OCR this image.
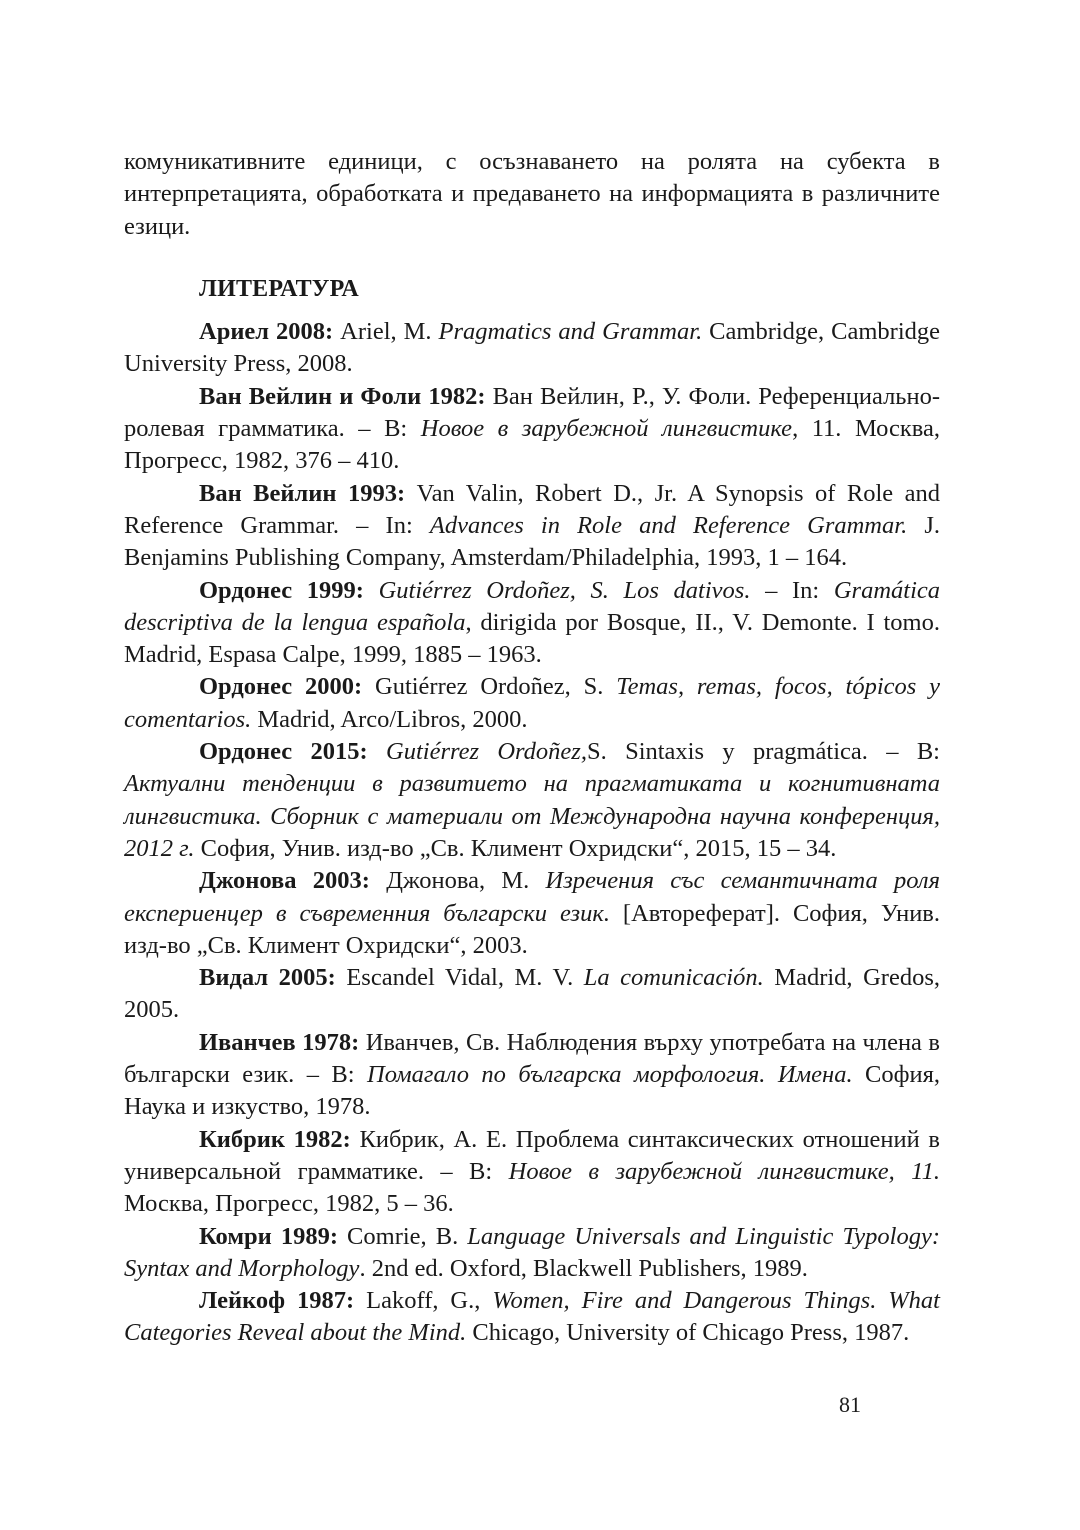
комуникативните единици, с осъзнаването на ролята на субекта в интерпретацията, обработката и предаването на информацията в различните езици.

ЛИТЕРАТУРА

Ариел 2008: Ariel, M. Pragmatics and Grammar. Cambridge, Cambridge University Press, 2008.

Ван Вейлин и Фоли 1982: Ван Вейлин, Р., У. Фоли. Референциально-ролевая грамматика. – В: Новое в зарубежной лингвистике, 11. Москва, Прогресс, 1982, 376 – 410.

Ван Вейлин 1993: Van Valin, Robert D., Jr. A Synopsis of Role and Reference Grammar. – In: Advances in Role and Reference Grammar. J. Benjamins Publishing Company, Amsterdam/Philadelphia, 1993, 1 – 164.

Ордонес 1999: Gutiérrez Ordoñez, S. Los dativos. – In: Gramática descriptiva de la lengua española, dirigida por Bosque, II., V. Demonte. I tomo. Madrid, Espasa Calpe, 1999, 1885 – 1963.

Ордонес 2000: Gutiérrez Ordoñez, S. Temas, remas, focos, tópicos y comentarios. Madrid, Arco/Libros, 2000.

Ордонес 2015: Gutiérrez Ordoñez,S. Sintaxis y pragmática. – В: Актуални тенденции в развитието на прагматиката и когнитивната лингвистика. Сборник с материали от Международна научна конференция, 2012 г. София, Унив. изд-во „Св. Климент Охридски“, 2015, 15 – 34.

Джонова 2003: Джонова, М. Изречения със семантичната роля експериенцер в съвременния български език. [Автореферат]. София, Унив. изд-во „Св. Климент Охридски“, 2003.

Видал 2005: Escandel Vidal, M. V. La comunicación. Madrid, Gredos, 2005.

Иванчев 1978: Иванчев, Св. Наблюдения върху употребата на члена в български език. – В: Помагало по българска морфология. Имена. София, Наука и изкуство, 1978.

Кибрик 1982: Кибрик, А. Е. Проблема синтаксических отношений в универсальной грамматике. – В: Новое в зарубежной лингвистике, 11. Москва, Прогресс, 1982, 5 – 36.

Комри 1989: Comrie, B. Language Universals and Linguistic Typology: Syntax and Morphology. 2nd ed. Oxford, Blackwell Publishers, 1989.

Лейкоф 1987: Lakoff, G., Women, Fire and Dangerous Things. What Categories Reveal about the Mind. Chicago, University of Chicago Press, 1987.

81
